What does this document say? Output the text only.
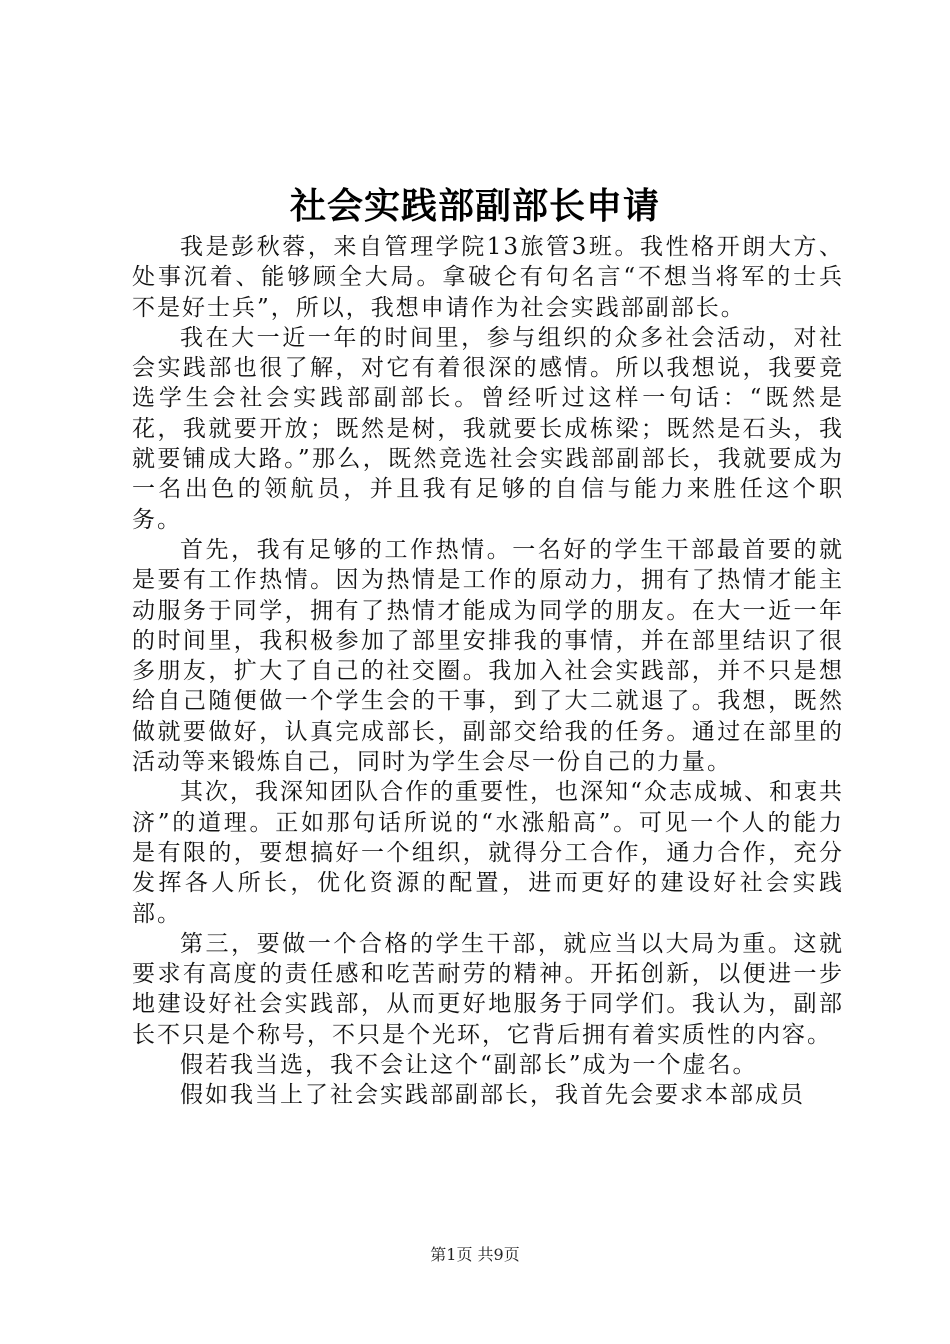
社会实践部副部长申请

我是彭秋蓉，来自管理学院13旅管3班。我性格开朗大方、处事沉着、能够顾全大局。拿破仑有句名言“不想当将军的士兵不是好士兵”，所以，我想申请作为社会实践部副部长。

我在大一近一年的时间里，参与组织的众多社会活动，对社会实践部也很了解，对它有着很深的感情。所以我想说，我要竞选学生会社会实践部副部长。曾经听过这样一句话：“既然是花，我就要开放；既然是树，我就要长成栋梁；既然是石头，我就要铺成大路。”那么，既然竞选社会实践部副部长，我就要成为一名出色的领航员，并且我有足够的自信与能力来胜任这个职务。

首先，我有足够的工作热情。一名好的学生干部最首要的就是要有工作热情。因为热情是工作的原动力，拥有了热情才能主动服务于同学，拥有了热情才能成为同学的朋友。在大一近一年的时间里，我积极参加了部里安排我的事情，并在部里结识了很多朋友，扩大了自己的社交圈。我加入社会实践部，并不只是想给自己随便做一个学生会的干事，到了大二就退了。我想，既然做就要做好，认真完成部长，副部交给我的任务。通过在部里的活动等来锻炼自己，同时为学生会尽一份自己的力量。

其次，我深知团队合作的重要性，也深知“众志成城、和衷共济”的道理。正如那句话所说的“水涨船高”。可见一个人的能力是有限的，要想搞好一个组织，就得分工合作，通力合作，充分发挥各人所长，优化资源的配置，进而更好的建设好社会实践部。

第三，要做一个合格的学生干部，就应当以大局为重。这就要求有高度的责任感和吃苦耐劳的精神。开拓创新，以便进一步地建设好社会实践部，从而更好地服务于同学们。我认为，副部长不只是个称号，不只是个光环，它背后拥有着实质性的内容。

假若我当选，我不会让这个“副部长”成为一个虚名。

假如我当上了社会实践部副部长，我首先会要求本部成员

第1页 共9页
